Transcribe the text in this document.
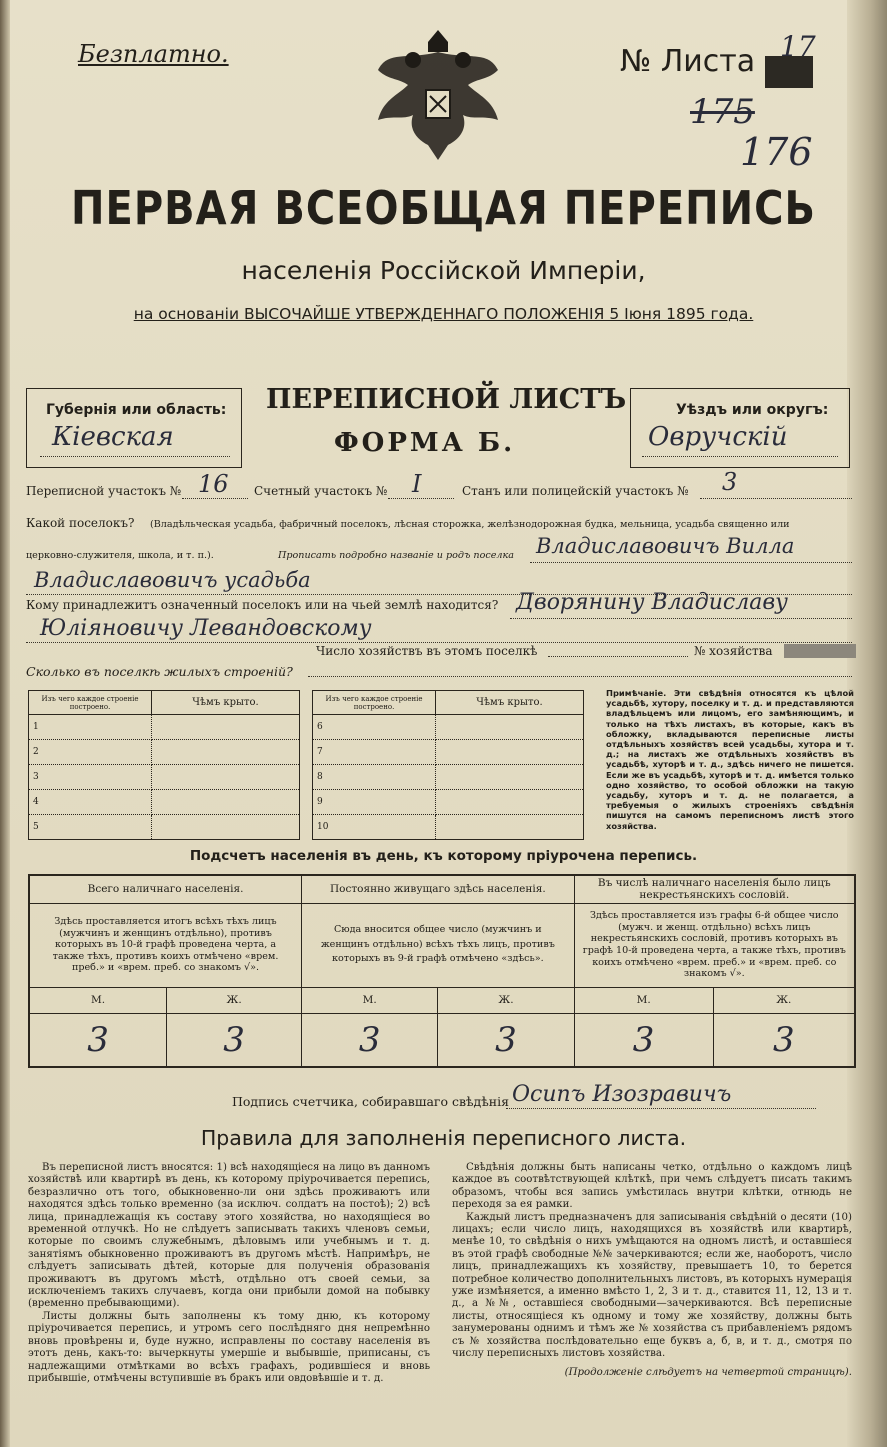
Безплатно.	№ Листа 17
175
176
ПЕРВАЯ ВСЕОБЩАЯ ПЕРЕПИСЬ
населенія Россійской Имперіи,
на основаніи ВЫСОЧАЙШЕ УТВЕРЖДЕННАГО ПОЛОЖЕНІЯ 5 Іюня 1895 года.
Губернія или область:
Кіевская
ПЕРЕПИСНОЙ ЛИСТЪ
ФОРМА Б.
Уѣздъ или округъ:
Овручскій
Переписной участокъ № 16 Счетный участокъ № I	Станъ или полицейскій участокъ № 3
Какой поселокъ? (Владѣльческая усадьба, фабричный поселокъ, лѣсная сторожка, желѣзнодорожная будка, мельница, усадьба священно или
церковно-служителя, школа, и т. п.).	Прописать подробно названіе и родъ поселка Владиславовичъ Вилла
Владиславовичъ усадьба
Кому принадлежитъ означенный поселокъ или на чьей землѣ находится? Дворянину Владиславу
Юліяновичу Левандовскому
Число хозяйствъ въ этомъ поселкѣ	№ хозяйства
Сколько въ поселкѣ жилыхъ строеній?
Изъ чего каждое строеніе построено.	Чѣмъ крыто.
1	
2	
3	
4	
5	
Изъ чего каждое строеніе построено.	Чѣмъ крыто.
6	
7	
8	
9	
10	

Примѣчаніе. Эти свѣдѣнія относятся къ цѣлой усадьбѣ, хутору, поселку и т. д. и представляются владѣльцемъ или лицомъ, его замѣняющимъ, и только на тѣхъ листахъ, въ которые, какъ въ обложку, вкладываются переписные листы отдѣльныхъ хозяйствъ всей усадьбы, хутора и т. д.; на листахъ же отдѣльныхъ хозяйствъ въ усадьбѣ, хуторѣ и т. д., здѣсь ничего не пишется. Если же въ усадьбѣ, хуторѣ и т. д. имѣется только одно хозяйство, то особой обложки на такую усадьбу, хуторъ и т. д. не полагается, а требуемыя о жилыхъ строеніяхъ свѣдѣнія пишутся на самомъ переписномъ листѣ этого хозяйства.

Подсчетъ населенія въ день, къ которому пріурочена перепись.
Всего наличнаго населенія.		Постоянно живущаго здѣсь населенія.		Въ числѣ наличнаго населенія было лицъ некрестьянскихъ сословій.	
Здѣсь проставляется итогъ всѣхъ тѣхъ лицъ (мужчинъ и женщинъ отдѣльно), противъ которыхъ въ 10-й графѣ проведена черта, а также тѣхъ, противъ коихъ отмѣчено «врем. преб.» и «врем. преб. со знакомъ √».		Сюда вносится общее число (мужчинъ и женщинъ отдѣльно) всѣхъ тѣхъ лицъ, противъ которыхъ въ 9-й графѣ отмѣчено «здѣсь».		Здѣсь проставляется изъ графы 6-й общее число (мужч. и женщ. отдѣльно) всѣхъ лицъ некрестьянскихъ сословій, противъ которыхъ въ графѣ 10-й проведена черта, а также тѣхъ, противъ коихъ отмѣчено «врем. преб.» и «врем. преб. со знакомъ √».	
М.	Ж.	М.	Ж.	М.	Ж.
3	3	3	3	3	3
Подпись счетчика, собиравшаго свѣдѣнія Осипъ Изозравичъ
Правила для заполненія переписного листа.
Въ переписной листъ вносятся: 1) всѣ находящіеся на лицо въ данномъ хозяйствѣ или квартирѣ въ день, къ которому пріурочивается перепись, безразлично отъ того, обыкновенно-ли они здѣсь проживаютъ или находятся здѣсь только временно (за исключ. солдатъ на постоѣ); 2) всѣ лица, принадлежащія къ составу этого хозяйства, но находящіеся во временной отлучкѣ. Но не слѣдуетъ записывать такихъ членовъ семьи, которые по своимъ служебнымъ, дѣловымъ или учебнымъ и т. д. занятіямъ обыкновенно проживаютъ въ другомъ мѣстѣ. Напримѣръ, не слѣдуетъ записывать дѣтей, которые для полученія образованія проживаютъ въ другомъ мѣстѣ, отдѣльно отъ своей семьи, за исключеніемъ такихъ случаевъ, когда они прибыли домой на побывку (временно пребывающими).
Листы должны быть заполнены къ тому дню, къ которому пріурочивается перепись, и утромъ сего послѣдняго дня непремѣнно вновь провѣрены и, буде нужно, исправлены по составу населенія въ этотъ день, какъ-то: вычеркнуты умершіе и выбывшіе, приписаны, съ надлежащими отмѣтками во всѣхъ графахъ, родившіеся и вновь прибывшіе, отмѣчены вступившіе въ бракъ или овдовѣвшіе и т. д.
Свѣдѣнія должны быть написаны четко, отдѣльно о каждомъ лицѣ каждое въ соотвѣтствующей клѣткѣ, при чемъ слѣдуетъ писать такимъ образомъ, чтобы вся запись умѣстилась внутри клѣтки, отнюдь не переходя за ея рамки.
Каждый листъ предназначенъ для записыванія свѣдѣній о десяти (10) лицахъ; если число лицъ, находящихся въ хозяйствѣ или квартирѣ, менѣе 10, то свѣдѣнія о нихъ умѣщаются на одномъ листѣ, и оставшіеся въ этой графѣ свободные №№ зачеркиваются; если же, наоборотъ, число лицъ, принадлежащихъ къ хозяйству, превышаетъ 10, то берется потребное количество дополнительныхъ листовъ, въ которыхъ нумерація уже измѣняется, а именно вмѣсто 1, 2, 3 и т. д., ставится 11, 12, 13 и т. д., а №№, оставшіеся свободными—зачеркиваются. Всѣ переписные листы, относящіеся къ одному и тому же хозяйству, должны быть занумерованы однимъ и тѣмъ же № хозяйства съ прибавленіемъ рядомъ съ № хозяйства послѣдовательно еще буквъ а, б, в, и т. д., смотря по числу переписныхъ листовъ хозяйства.
(Продолженіе слѣдуетъ на четвертой страницѣ).
